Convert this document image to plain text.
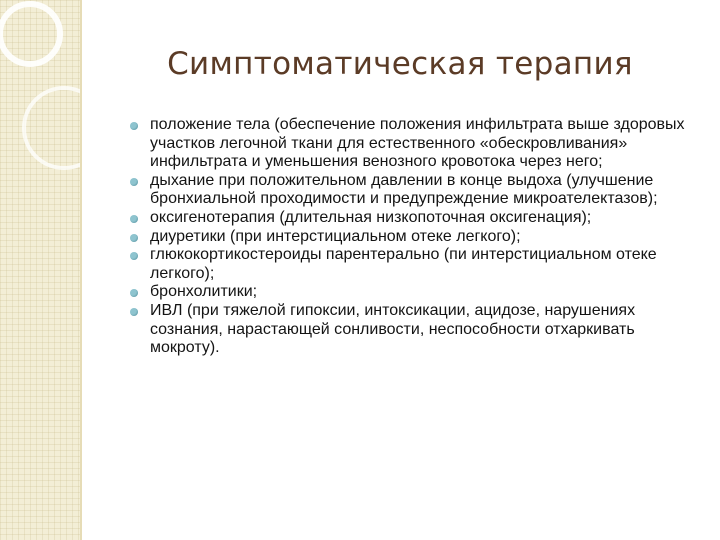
Симптоматическая терапия
положение тела (обеспечение положения инфильтрата выше здоровых участков легочной ткани для естественного «обескровливания» инфильтрата и уменьшения венозного кровотока через него;
дыхание при положительном давлении в конце выдоха (улучшение бронхиальной проходимости и предупреждение микроателектазов);
оксигенотерапия (длительная низкопоточная оксигенация);
диуретики (при интерстициальном отеке легкого);
глюкокортикостероиды парентерально (пи интерстициальном отеке легкого);
бронхолитики;
ИВЛ (при тяжелой гипоксии, интоксикации, ацидозе, нарушениях сознания, нарастающей сонливости, неспособности отхаркивать мокроту).
